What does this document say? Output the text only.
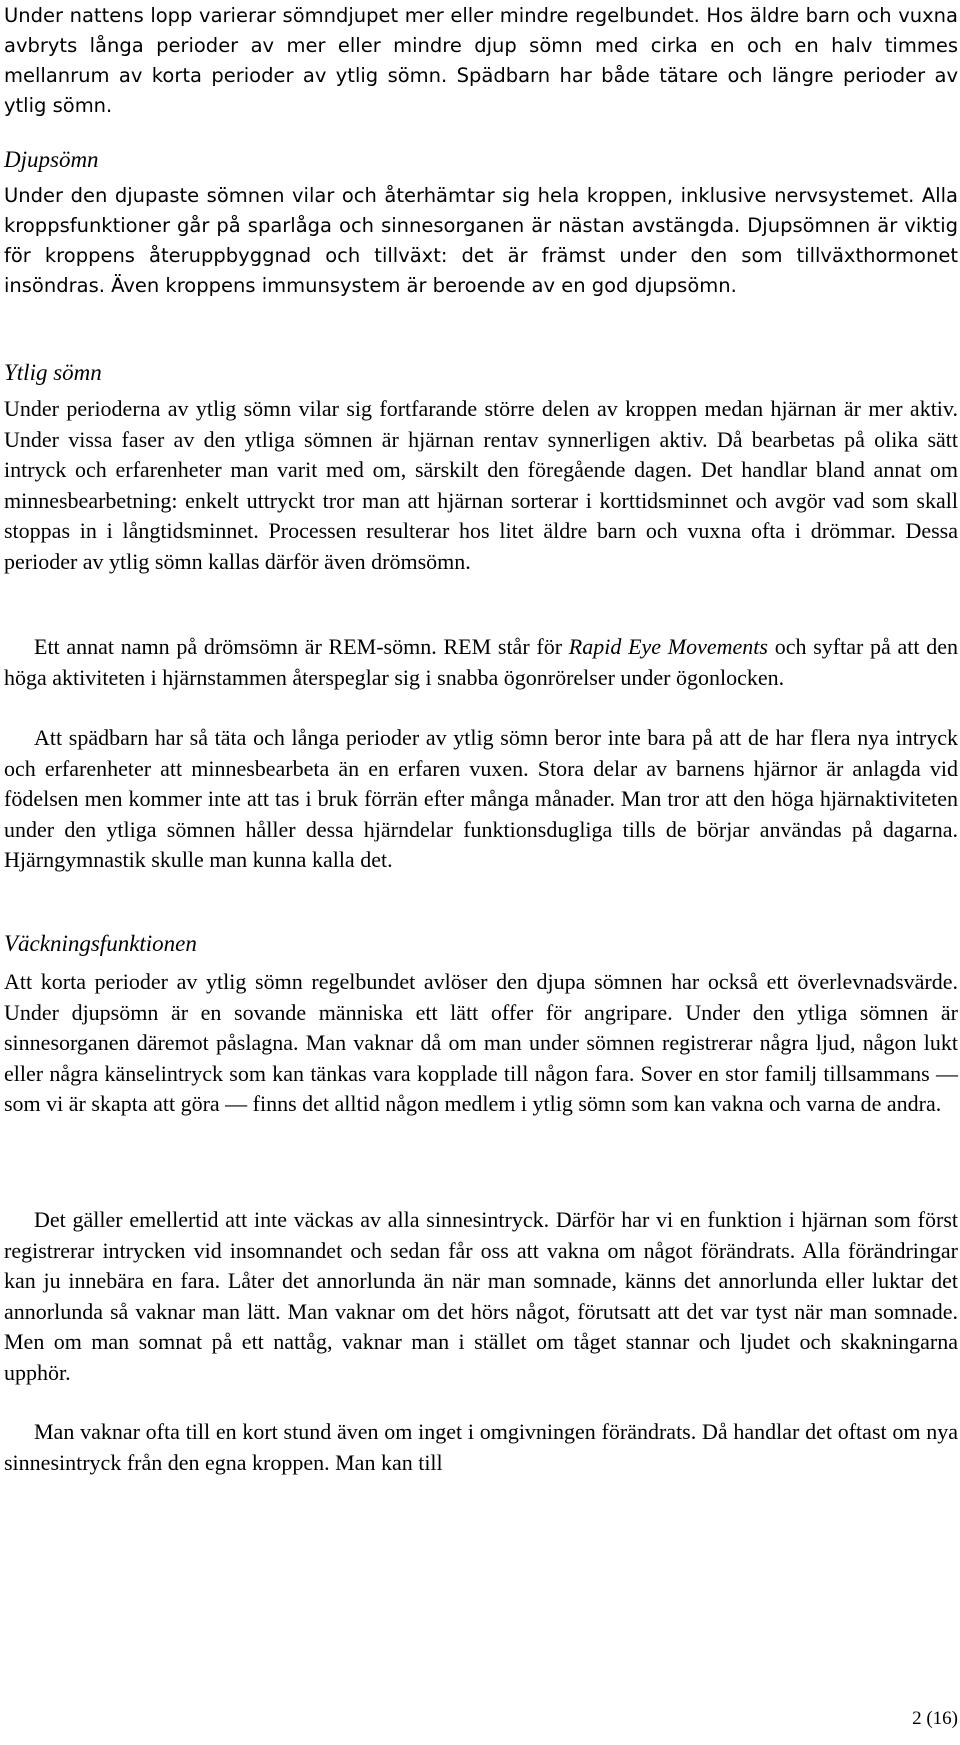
Under nattens lopp varierar sömndjupet mer eller mindre regelbundet. Hos äldre barn och vuxna avbryts långa perioder av mer eller mindre djup sömn med cirka en och en halv timmes mellanrum av korta perioder av ytlig sömn. Spädbarn har både tätare och längre perioder av ytlig sömn.

Djupsömn

Under den djupaste sömnen vilar och återhämtar sig hela kroppen, inklusive nervsystemet. Alla kroppsfunktioner går på sparlåga och sinnesorganen är nästan avstängda. Djupsömnen är viktig för kroppens återuppbyggnad och tillväxt: det är främst under den som tillväxthormonet insöndras. Även kroppens immunsystem är beroende av en god djupsömn.

Ytlig sömn

Under perioderna av ytlig sömn vilar sig fortfarande större delen av kroppen medan hjärnan är mer aktiv. Under vissa faser av den ytliga sömnen är hjärnan rentav synnerligen aktiv. Då bearbetas på olika sätt intryck och erfarenheter man varit med om, särskilt den föregående dagen. Det handlar bland annat om minnesbearbetning: enkelt uttryckt tror man att hjärnan sorterar i korttidsminnet och avgör vad som skall stoppas in i långtidsminnet. Processen resulterar hos litet äldre barn och vuxna ofta i drömmar. Dessa perioder av ytlig sömn kallas därför även drömsömn.

Ett annat namn på drömsömn är REM-sömn. REM står för Rapid Eye Movements och syftar på att den höga aktiviteten i hjärnstammen återspeglar sig i snabba ögonrörelser under ögonlocken.

Att spädbarn har så täta och långa perioder av ytlig sömn beror inte bara på att de har flera nya intryck och erfarenheter att minnesbearbeta än en erfaren vuxen. Stora delar av barnens hjärnor är anlagda vid födelsen men kommer inte att tas i bruk förrän efter många månader. Man tror att den höga hjärnaktiviteten under den ytliga sömnen håller dessa hjärndelar funktionsdugliga tills de börjar användas på dagarna. Hjärngymnastik skulle man kunna kalla det.

Väckningsfunktionen

Att korta perioder av ytlig sömn regelbundet avlöser den djupa sömnen har också ett överlevnadsvärde. Under djupsömn är en sovande människa ett lätt offer för angripare. Under den ytliga sömnen är sinnesorganen däremot påslagna. Man vaknar då om man under sömnen registrerar några ljud, någon lukt eller några känselintryck som kan tänkas vara kopplade till någon fara. Sover en stor familj tillsammans — som vi är skapta att göra — finns det alltid någon medlem i ytlig sömn som kan vakna och varna de andra.

Det gäller emellertid att inte väckas av alla sinnesintryck. Därför har vi en funktion i hjärnan som först registrerar intrycken vid insomnandet och sedan får oss att vakna om något förändrats. Alla förändringar kan ju innebära en fara. Låter det annorlunda än när man somnade, känns det annorlunda eller luktar det annorlunda så vaknar man lätt. Man vaknar om det hörs något, förutsatt att det var tyst när man somnade. Men om man somnat på ett nattåg, vaknar man i stället om tåget stannar och ljudet och skakningarna upphör.

Man vaknar ofta till en kort stund även om inget i omgivningen förändrats. Då handlar det oftast om nya sinnesintryck från den egna kroppen. Man kan till

2 (16)
